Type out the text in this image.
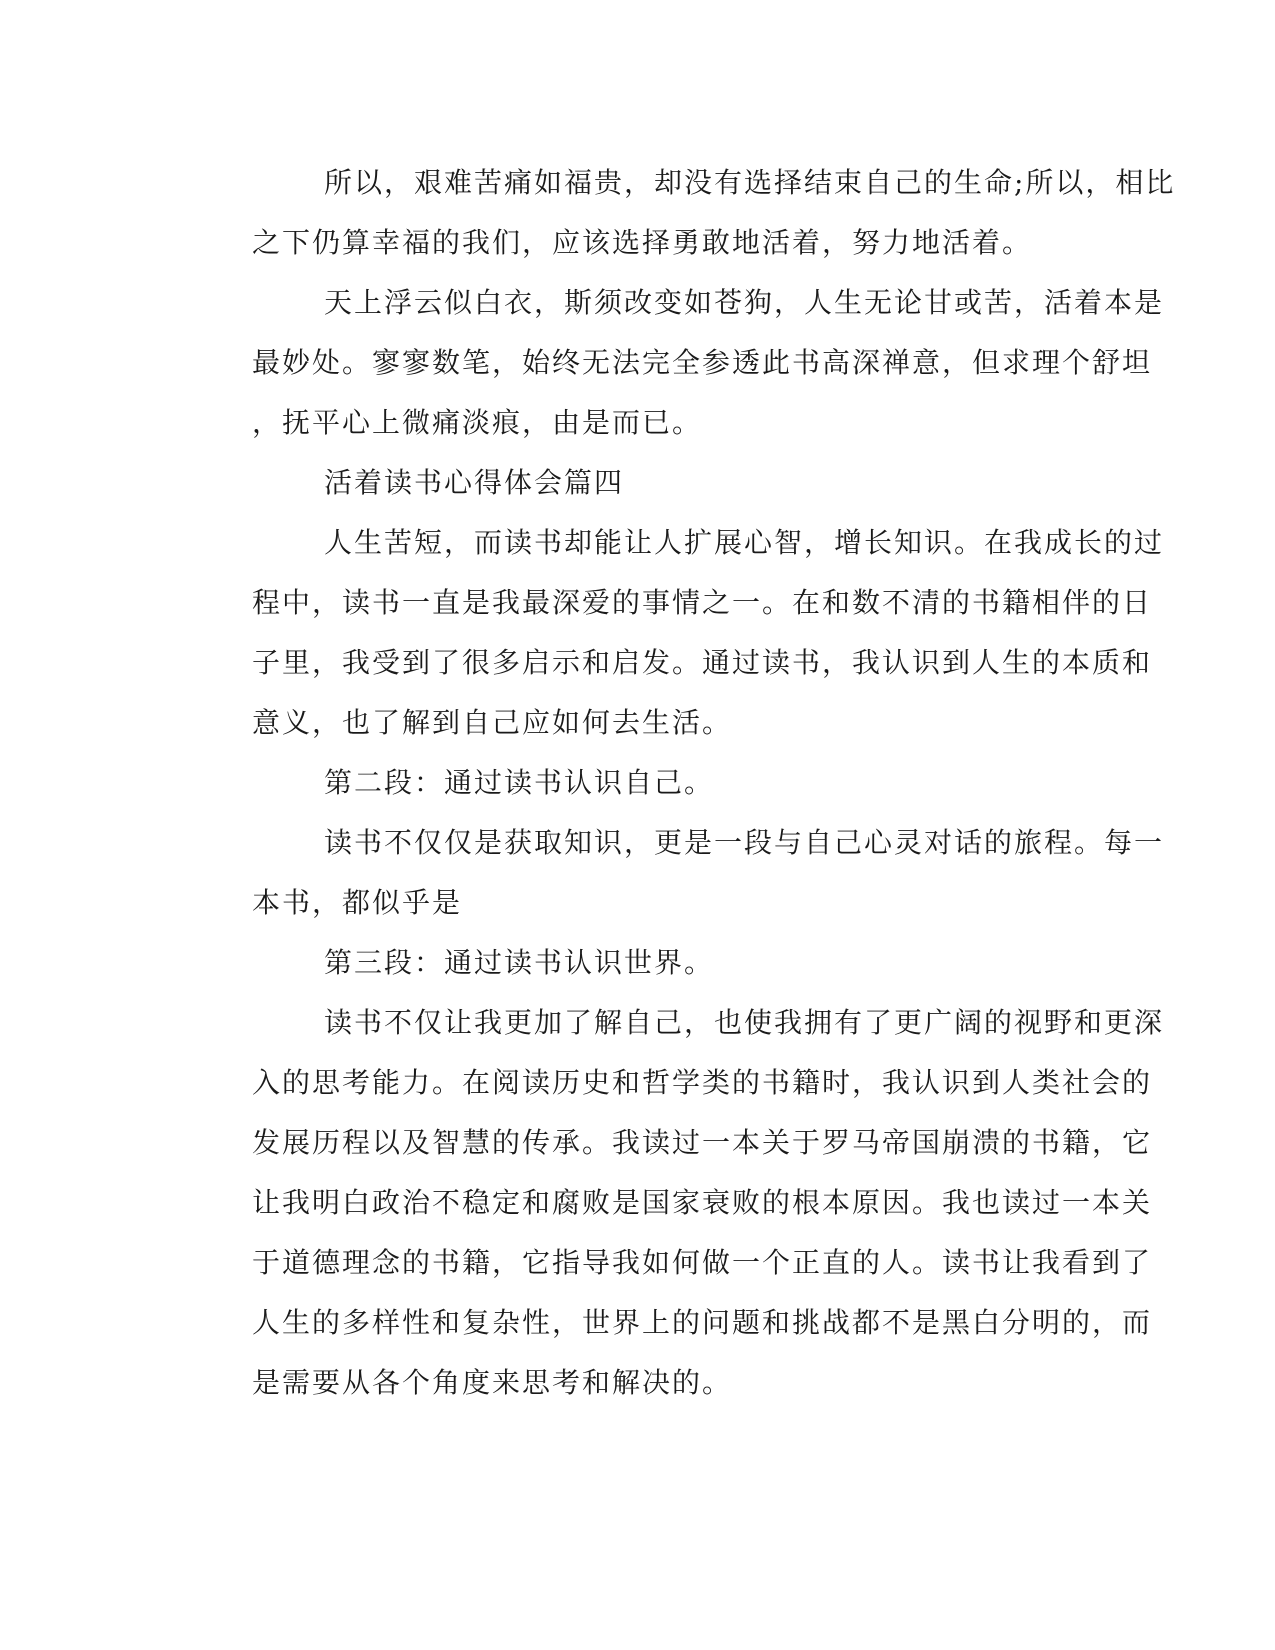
所以，艰难苦痛如福贵，却没有选择结束自己的生命;所以，相比
之下仍算幸福的我们，应该选择勇敢地活着，努力地活着。
天上浮云似白衣，斯须改变如苍狗，人生无论甘或苦，活着本是
最妙处。寥寥数笔，始终无法完全参透此书高深禅意，但求理个舒坦
，抚平心上微痛淡痕，由是而已。
活着读书心得体会篇四
人生苦短，而读书却能让人扩展心智，增长知识。在我成长的过
程中，读书一直是我最深爱的事情之一。在和数不清的书籍相伴的日
子里，我受到了很多启示和启发。通过读书，我认识到人生的本质和
意义，也了解到自己应如何去生活。
第二段：通过读书认识自己。
读书不仅仅是获取知识，更是一段与自己心灵对话的旅程。每一
本书，都似乎是
第三段：通过读书认识世界。
读书不仅让我更加了解自己，也使我拥有了更广阔的视野和更深
入的思考能力。在阅读历史和哲学类的书籍时，我认识到人类社会的
发展历程以及智慧的传承。我读过一本关于罗马帝国崩溃的书籍，它
让我明白政治不稳定和腐败是国家衰败的根本原因。我也读过一本关
于道德理念的书籍，它指导我如何做一个正直的人。读书让我看到了
人生的多样性和复杂性，世界上的问题和挑战都不是黑白分明的，而
是需要从各个角度来思考和解决的。
